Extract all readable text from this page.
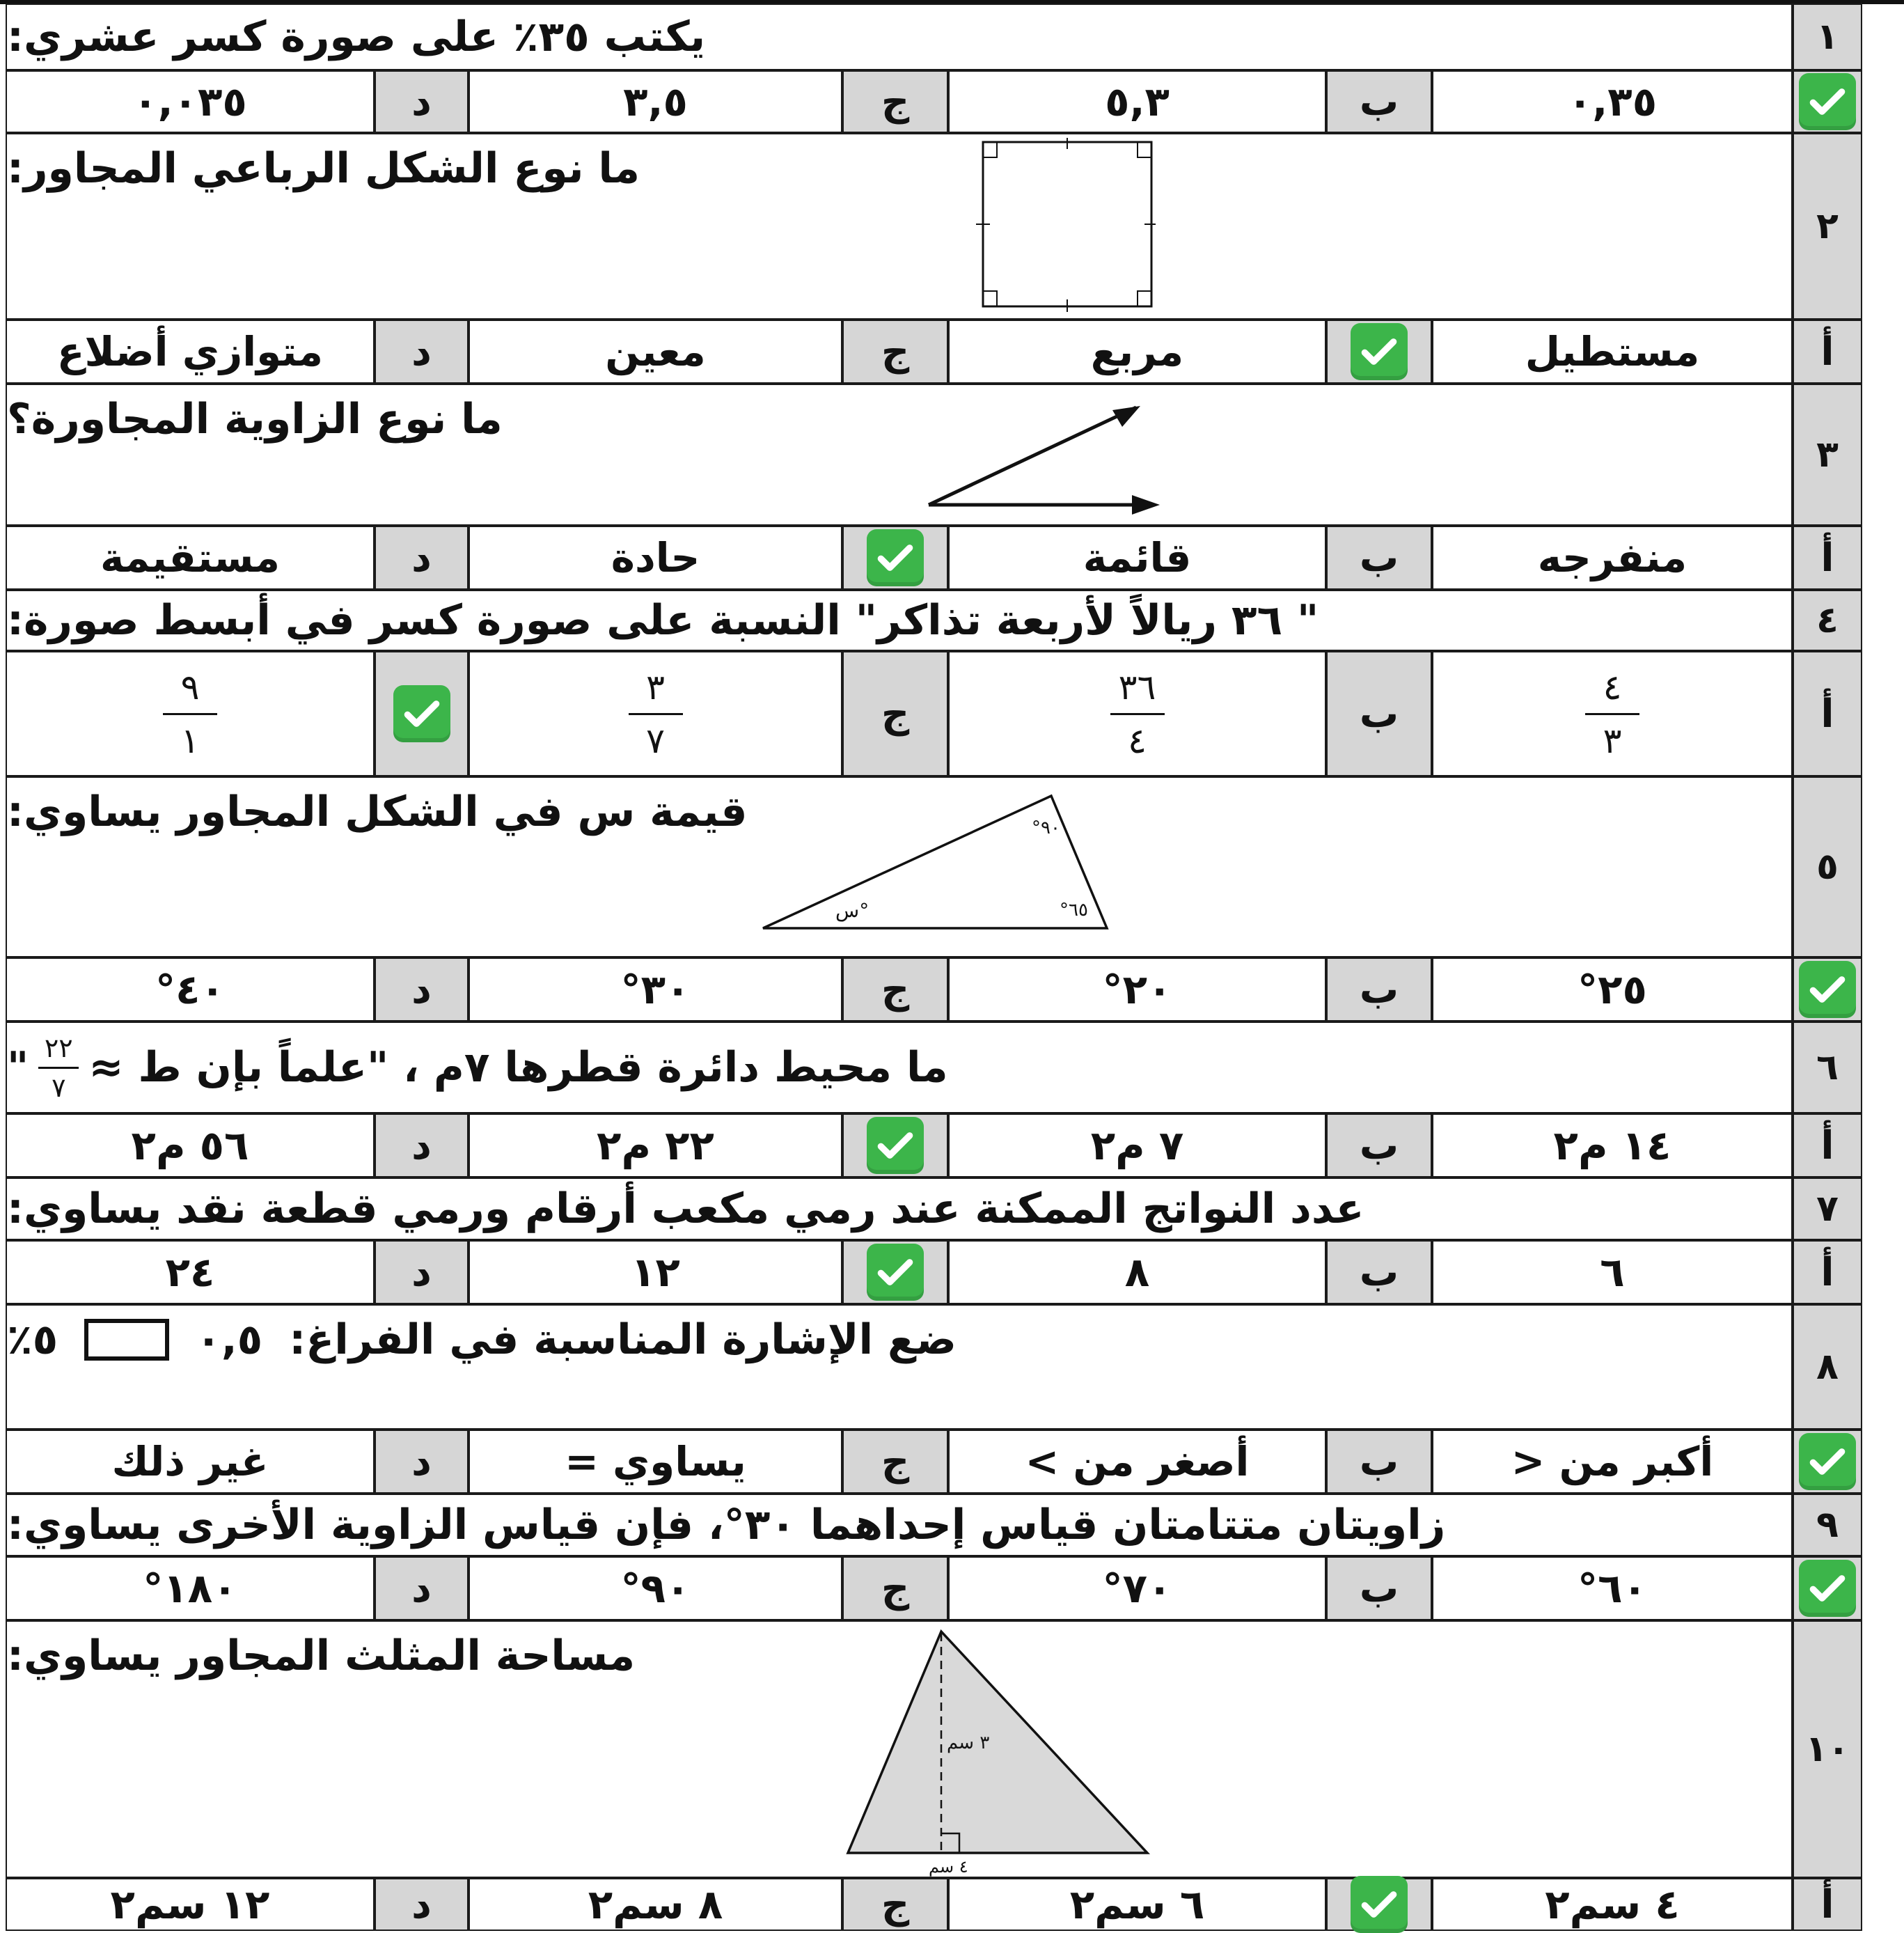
١
يكتب ٣٥٪ على صورة كسر عشري:
٠,٣٥
ب
٥,٣
ج
٣,٥
د
٠,٠٣٥
٢
ما نوع الشكل الرباعي المجاور:
أ
مستطيل
مربع
ج
معين
د
متوازي أضلاع
٣
ما نوع الزاوية المجاورة؟
أ
منفرجه
ب
قائمة
حادة
د
مستقيمة
٤
" ٣٦ ريالاً لأربعة تذاكر" النسبة على صورة كسر في أبسط صورة:
أ
$\frac{٤}{٣}$
ب
$\frac{٣٦}{٤}$
ج
$\frac{٣}{٧}$
$\frac{٩}{١}$
٥
قيمة س في الشكل المجاور يساوي:	°٩٠
°٦٥
س°
°٢٥
ب
°٢٠
ج
°٣٠
د
°٤٠
٦
ما محيط دائرة قطرها ٧م ، "علماً بإن ط ≈
$\frac{٢٢}{٧}$
"
أ
١٤ م٢
ب
٧ م٢
٢٢ م٢
د
٥٦ م٢
٧
عدد النواتج الممكنة عند رمي مكعب أرقام ورمي قطعة نقد يساوي:
أ
٦
ب
٨
١٢
د
٢٤
٨
ضع الإشارة المناسبة في الفراغ:
٠,٥
٥٪
> أكبر من
ب
< أصغر من
ج
= يساوي
د
غير ذلك
٩
زاويتان متتامتان قياس إحداهما ٣٠°، فإن قياس الزاوية الأخرى يساوي:
°٦٠
ب
°٧٠
ج
°٩٠
د
°١٨٠
١٠
مساحة المثلث المجاور يساوي:
٣ سم
٤ سم
أ
٤ سم٢
٦ سم٢
ج
٨ سم٢
د
١٢ سم٢
